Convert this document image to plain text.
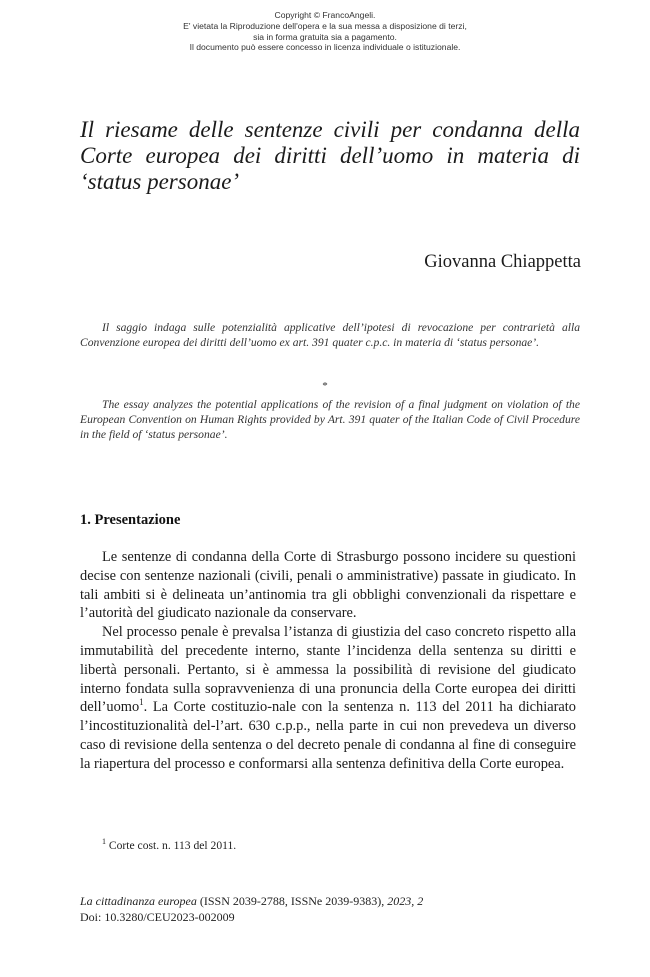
Copyright © FrancoAngeli.
E' vietata la Riproduzione dell'opera e la sua messa a disposizione di terzi,
sia in forma gratuita sia a pagamento.
Il documento può essere concesso in licenza individuale o istituzionale.
Il riesame delle sentenze civili per condanna della Corte europea dei diritti dell’uomo in materia di ‘status personae’
Giovanna Chiappetta
Il saggio indaga sulle potenzialità applicative dell’ipotesi di revocazione per contrarietà alla Convenzione europea dei diritti dell’uomo ex art. 391 quater c.p.c. in materia di ‘status personae’.
*
The essay analyzes the potential applications of the revision of a final judgment on violation of the European Convention on Human Rights provided by Art. 391 quater of the Italian Code of Civil Procedure in the field of ‘status personae’.
1. Presentazione

Le sentenze di condanna della Corte di Strasburgo possono incidere su questioni decise con sentenze nazionali (civili, penali o amministrative) passate in giudicato. In tali ambiti si è delineata un’antinomia tra gli obblighi convenzionali da rispettare e l’autorità del giudicato nazionale da conservare.

Nel processo penale è prevalsa l’istanza di giustizia del caso concreto rispetto alla immutabilità del precedente interno, stante l’incidenza della sentenza su diritti e libertà personali. Pertanto, si è ammessa la possibilità di revisione del giudicato interno fondata sulla sopravvenienza di una pronuncia della Corte europea dei diritti dell’uomo$^1$. La Corte costituzio-nale con la sentenza n. 113 del 2011 ha dichiarato l’incostituzionalità del-l’art. 630 c.p.p., nella parte in cui non prevedeva un diverso caso di revisione della sentenza o del decreto penale di condanna al fine di conseguire la riapertura del processo e conformarsi alla sentenza definitiva della Corte europea.

$^1$ Corte cost. n. 113 del 2011.
La cittadinanza europea (ISSN 2039-2788, ISSNe 2039-9383), 2023, 2
Doi: 10.3280/CEU2023-002009
